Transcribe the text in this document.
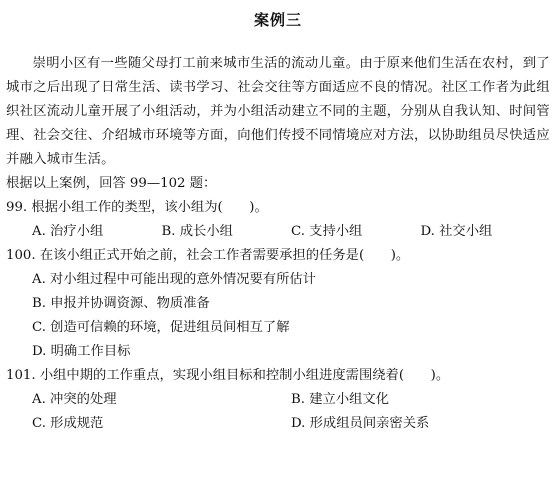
案例三

崇明小区有一些随父母打工前来城市生活的流动儿童。由于原来他们生活在农村，到了城市之后出现了日常生活、读书学习、社会交往等方面适应不良的情况。社区工作者为此组织社区流动儿童开展了小组活动，并为小组活动建立不同的主题，分别从自我认知、时间管理、社会交往、介绍城市环境等方面，向他们传授不同情境应对方法，以协助组员尽快适应并融入城市生活。

根据以上案例，回答 99—102 题：

99. 根据小组工作的类型，该小组为(　　)。

A. 治疗小组	B. 成长小组	C. 支持小组	D. 社交小组

100. 在该小组正式开始之前，社会工作者需要承担的任务是(　　)。

A. 对小组过程中可能出现的意外情况要有所估计
B. 申报并协调资源、物质准备
C. 创造可信赖的环境，促进组员间相互了解
D. 明确工作目标

101. 小组中期的工作重点，实现小组目标和控制小组进度需围绕着(　　)。

A. 冲突的处理	B. 建立小组文化
C. 形成规范	D. 形成组员间亲密关系
